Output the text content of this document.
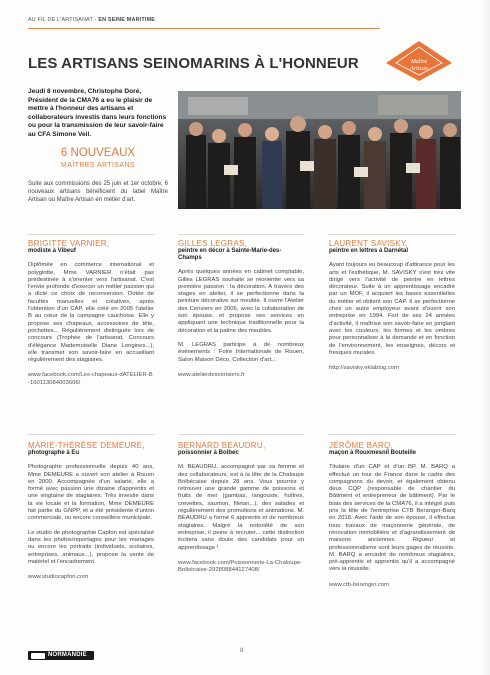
AU FIL DE L'ARTISANAT - EN SEINE MARITIME
LES ARTISANS SEINOMARINS À L'HONNEUR	Maître
Artisan
Jeudi 8 novembre, Christophe Doré, Président de la CMA76 a eu le plaisir de mettre à l'honneur des artisans et collaborateurs investis dans leurs fonctions ou pour la transmission de leur savoir-faire au CFA Simone Veil.
6 NOUVEAUX
MAÎTRES ARTISANS
Suite aux commissions des 25 juin et 1er octobre, 6 nouveaux artisans bénéficient du label Maître Artisan ou Maître Artisan en métier d'art.
BRIGITTE VARNIER,
modiste à Vibeuf

Diplômée en commerce international et polyglotte, Mme VARNIER n'était pas prédestinée à s'orienter vers l'artisanat. C'est l'envie profonde d'exercer un métier passion qui a dicté ce choix de reconversion. Dotée de facultés manuelles et créatives, après l'obtention d'un CAP, elle créé en 2005 l'atelier B au cœur de la campagne cauchoise. Elle y propose ses chapeaux, accessoires de tête, pochettes... Régulièrement distinguée lors de concours (Trophée de l'artisanat, Concours d'élégance Mademoiselle Diane Longines...), elle transmet son savoir-faire en accueillant régulièrement des stagiaires.

www.facebook.com/Les-chapeaux-dATELIER-B-160113084003606/
GILLES LEGRAS,
peintre en décor à Sainte-Marie-des-Champs

Après quelques années en cabinet comptable, Gilles LEGRAS souhaite se réorienter vers sa première passion : la décoration. A travers des stages en atelier, il se perfectionne dans la peinture décorative sur meuble. Il ouvre l'Atelier des Cerisiers en 2006, avec la collaboration de son épouse, et propose ses services en appliquant une technique traditionnelle pour la décoration et la patine des meubles.

M. LEGRAS participe à de nombreux événements : Foire Internationale de Rouen, Salon Maison Déco, Collection d'art...

www.atelierdescerisiers.fr
LAURENT SAVISKY,
peintre en lettres à Darnétal

Ayant toujours eu beaucoup d'attirance pour les arts et l'esthétique, M. SAVISKY s'est très vite dirigé vers l'activité de peintre en lettres décorateur. Suite à un apprentissage encadré par un MOF, il acquiert les bases essentielles du métier et obtient son CAP. Il se perfectionne chez un autre employeur avant d'ouvrir son entreprise en 1994. Fort de ses 24 années d'activité, il maîtrise son savoir-faire en jonglant avec les couleurs, les formes et les ombres pour personnaliser à la demande et en fonction de l'environnement, les enseignes, décors et fresques murales.

http://savisky.eklablog.com
MARIE-THÉRÈSE DEMEURE,
photographe à Eu

Photographe professionnelle depuis 40 ans, Mme DEMEURE a ouvert son atelier à Rouen en 2000. Accompagnée d'un salarié, elle a formé avec passion une dizaine d'apprentis et une vingtaine de stagiaires. Très investie dans la vie locale et la formation, Mme DEMEURE fait partie du GNPP, et a été présidente d'union commerciale, ou encore conseillère municipale.

Le studio de photographie Capfon est spécialisé dans les photos/reportages pour les mariages ou encore les portraits (individuels, scolaires, entreprises, animaux...), propose la vente de matériel et l'encadrement.

www.studiocapfon.com
BERNARD BEAUDRU,
poissonnier à Bolbec

M. BEAUDRU, accompagné par sa femme et des collaborateurs, est à la tête de la Chaloupe Bolbécaise depuis 28 ans. Vous pourrez y retrouver une grande gamme de poissons et fruits de mer (gambas, langouste, huîtres, crevettes, saumon, filetan...), des salades et régulièrement des promotions et animations. M. BEAUDRU a formé 6 apprentis et de nombreux stagiaires. Malgré la notoriété de son entreprise, il peine à recruter... cette distinction incitera sans doute des candidats pour un apprentissage !

www.facebook.com/Poissonnerie-La-Chaloupe-Bolbécaise-292808844127408/
JÉRÔME BARQ,
maçon à Rouxmesnil Bouteille

Titulaire d'un CAP et d'un BP, M. BARQ a effectué un tour de France dans le cadre des compagnons du devoir, et également obtenu deux CQP (responsable de chantier du Bâtiment et entrepreneur de bâtiment). Par le biais des services de la CMA76, il a intégré puis pris la tête de l'entreprise CTB Beranger-Barq en 2018. Avec l'aide de son épouse, il effectue tous travaux de maçonnerie générale, de rénovation immobilière et d'agrandissement de maisons anciennes. Rigueur et professionnalisme sont leurs gages de réussite. M. BARQ a encadré de nombreux stagiaires, pré-apprentis et apprentis qu'il a accompagné vers la réussite.

www.ctb-berenger.com
NORMANDIE
8
